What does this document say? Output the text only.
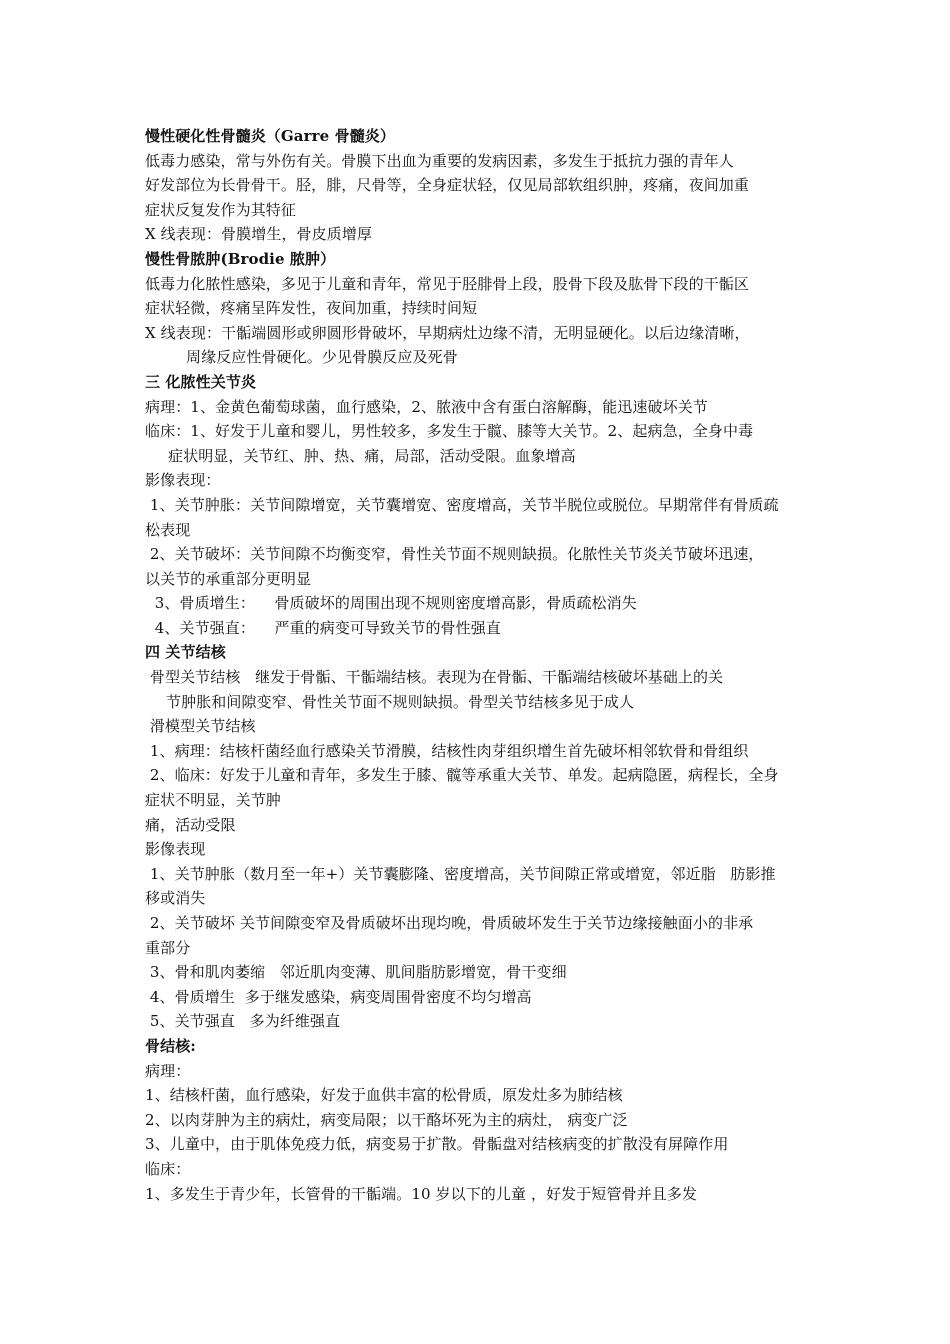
慢性硬化性骨髓炎（Garre 骨髓炎）
低毒力感染，常与外伤有关。骨膜下出血为重要的发病因素，多发生于抵抗力强的青年人
好发部位为长骨骨干。胫，腓，尺骨等，全身症状轻，仅见局部软组织肿，疼痛，夜间加重
症状反复发作为其特征
X 线表现：骨膜增生，骨皮质增厚
慢性骨脓肿(Brodie 脓肿）
低毒力化脓性感染，多见于儿童和青年，常见于胫腓骨上段，股骨下段及肱骨下段的干骺区
症状轻微，疼痛呈阵发性，夜间加重，持续时间短
X 线表现：干骺端圆形或卵圆形骨破坏，早期病灶边缘不清，无明显硬化。以后边缘清晰，
周缘反应性骨硬化。少见骨膜反应及死骨
三 化脓性关节炎
病理：1、金黄色葡萄球菌，血行感染，2、脓液中含有蛋白溶解酶，能迅速破坏关节
临床：1、好发于儿童和婴儿，男性较多，多发生于髋、膝等大关节。2、起病急，全身中毒
症状明显，关节红、肿、热、痛，局部，活动受限。血象增高
影像表现：
1、关节肿胀：关节间隙增宽，关节囊增宽、密度增高，关节半脱位或脱位。早期常伴有骨质疏
松表现
2、关节破坏：关节间隙不均衡变窄，骨性关节面不规则缺损。化脓性关节炎关节破坏迅速，
以关节的承重部分更明显
3、骨质增生：    骨质破坏的周围出现不规则密度增高影，骨质疏松消失
4、关节强直：    严重的病变可导致关节的骨性强直
四 关节结核
骨型关节结核   继发于骨骺、干骺端结核。表现为在骨骺、干骺端结核破坏基础上的关
节肿胀和间隙变窄、骨性关节面不规则缺损。骨型关节结核多见于成人
滑模型关节结核
1、病理：结核杆菌经血行感染关节滑膜，结核性肉芽组织增生首先破坏相邻软骨和骨组织
2、临床：好发于儿童和青年，多发生于膝、髋等承重大关节、单发。起病隐匿，病程长，全身
症状不明显，关节肿
痛，活动受限
影像表现
1、关节肿胀（数月至一年+）关节囊膨隆、密度增高，关节间隙正常或增宽，邻近脂   肪影推
移或消失
2、关节破坏 关节间隙变窄及骨质破坏出现均晚，骨质破坏发生于关节边缘接触面小的非承
重部分
3、骨和肌肉萎缩   邻近肌肉变薄、肌间脂肪影增宽，骨干变细
4、骨质增生  多于继发感染，病变周围骨密度不均匀增高
5、关节强直   多为纤维强直
骨结核:
病理：
1、结核杆菌，血行感染，好发于血供丰富的松骨质，原发灶多为肺结核
2、以肉芽肿为主的病灶，病变局限；以干酪坏死为主的病灶， 病变广泛
3、儿童中，由于肌体免疫力低，病变易于扩散。骨骺盘对结核病变的扩散没有屏障作用
临床：
1、多发生于青少年，长管骨的干骺端。10 岁以下的儿童 ，好发于短管骨并且多发
